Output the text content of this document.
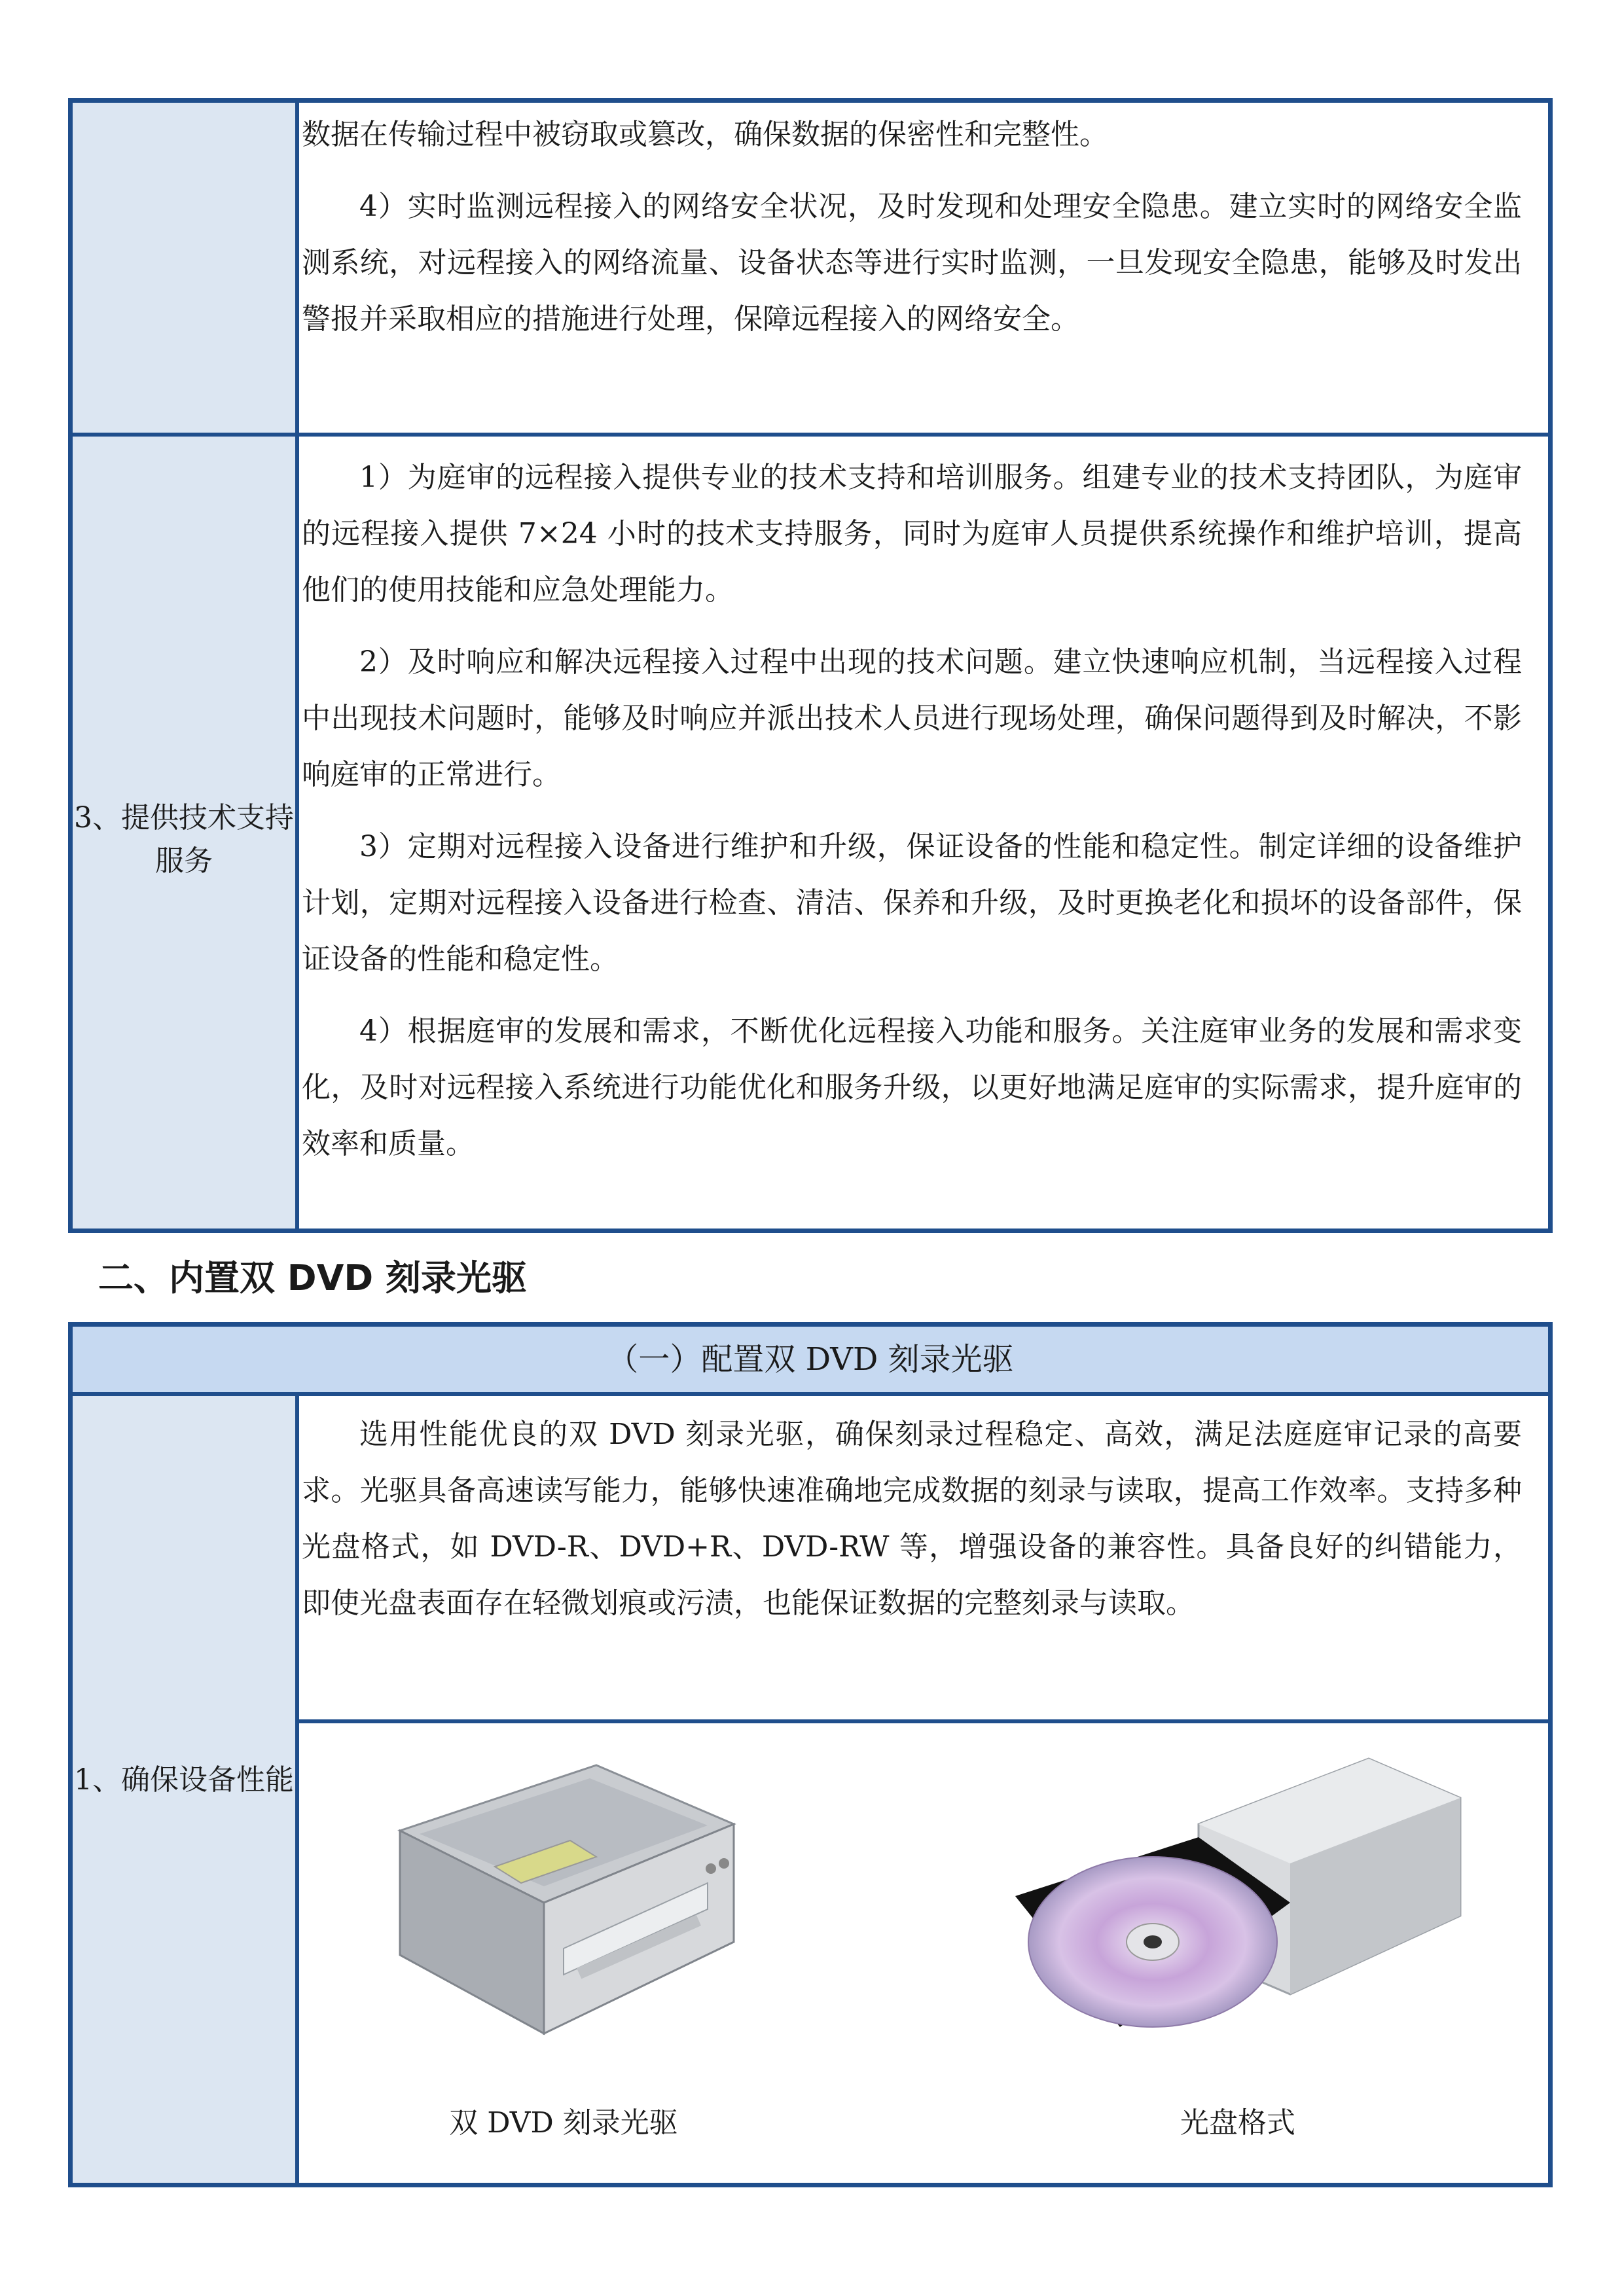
数据在传输过程中被窃取或篡改，确保数据的保密性和完整性。

4）实时监测远程接入的网络安全状况，及时发现和处理安全隐患。建立实时的网络安全监测系统，对远程接入的网络流量、设备状态等进行实时监测，一旦发现安全隐患，能够及时发出警报并采取相应的措施进行处理，保障远程接入的网络安全。

3、提供技术支持服务

1）为庭审的远程接入提供专业的技术支持和培训服务。组建专业的技术支持团队，为庭审的远程接入提供 7×24 小时的技术支持服务，同时为庭审人员提供系统操作和维护培训，提高他们的使用技能和应急处理能力。

2）及时响应和解决远程接入过程中出现的技术问题。建立快速响应机制，当远程接入过程中出现技术问题时，能够及时响应并派出技术人员进行现场处理，确保问题得到及时解决，不影响庭审的正常进行。

3）定期对远程接入设备进行维护和升级，保证设备的性能和稳定性。制定详细的设备维护计划，定期对远程接入设备进行检查、清洁、保养和升级，及时更换老化和损坏的设备部件，保证设备的性能和稳定性。

4）根据庭审的发展和需求，不断优化远程接入功能和服务。关注庭审业务的发展和需求变化，及时对远程接入系统进行功能优化和服务升级，以更好地满足庭审的实际需求，提升庭审的效率和质量。

二、内置双 DVD 刻录光驱
（一）配置双 DVD 刻录光驱
1、确保设备性能

选用性能优良的双 DVD 刻录光驱，确保刻录过程稳定、高效，满足法庭庭审记录的高要求。光驱具备高速读写能力，能够快速准确地完成数据的刻录与读取，提高工作效率。支持多种光盘格式，如 DVD-R、DVD+R、DVD-RW 等，增强设备的兼容性。具备良好的纠错能力，即使光盘表面存在轻微划痕或污渍，也能保证数据的完整刻录与读取。

双 DVD 刻录光驱	光盘格式
